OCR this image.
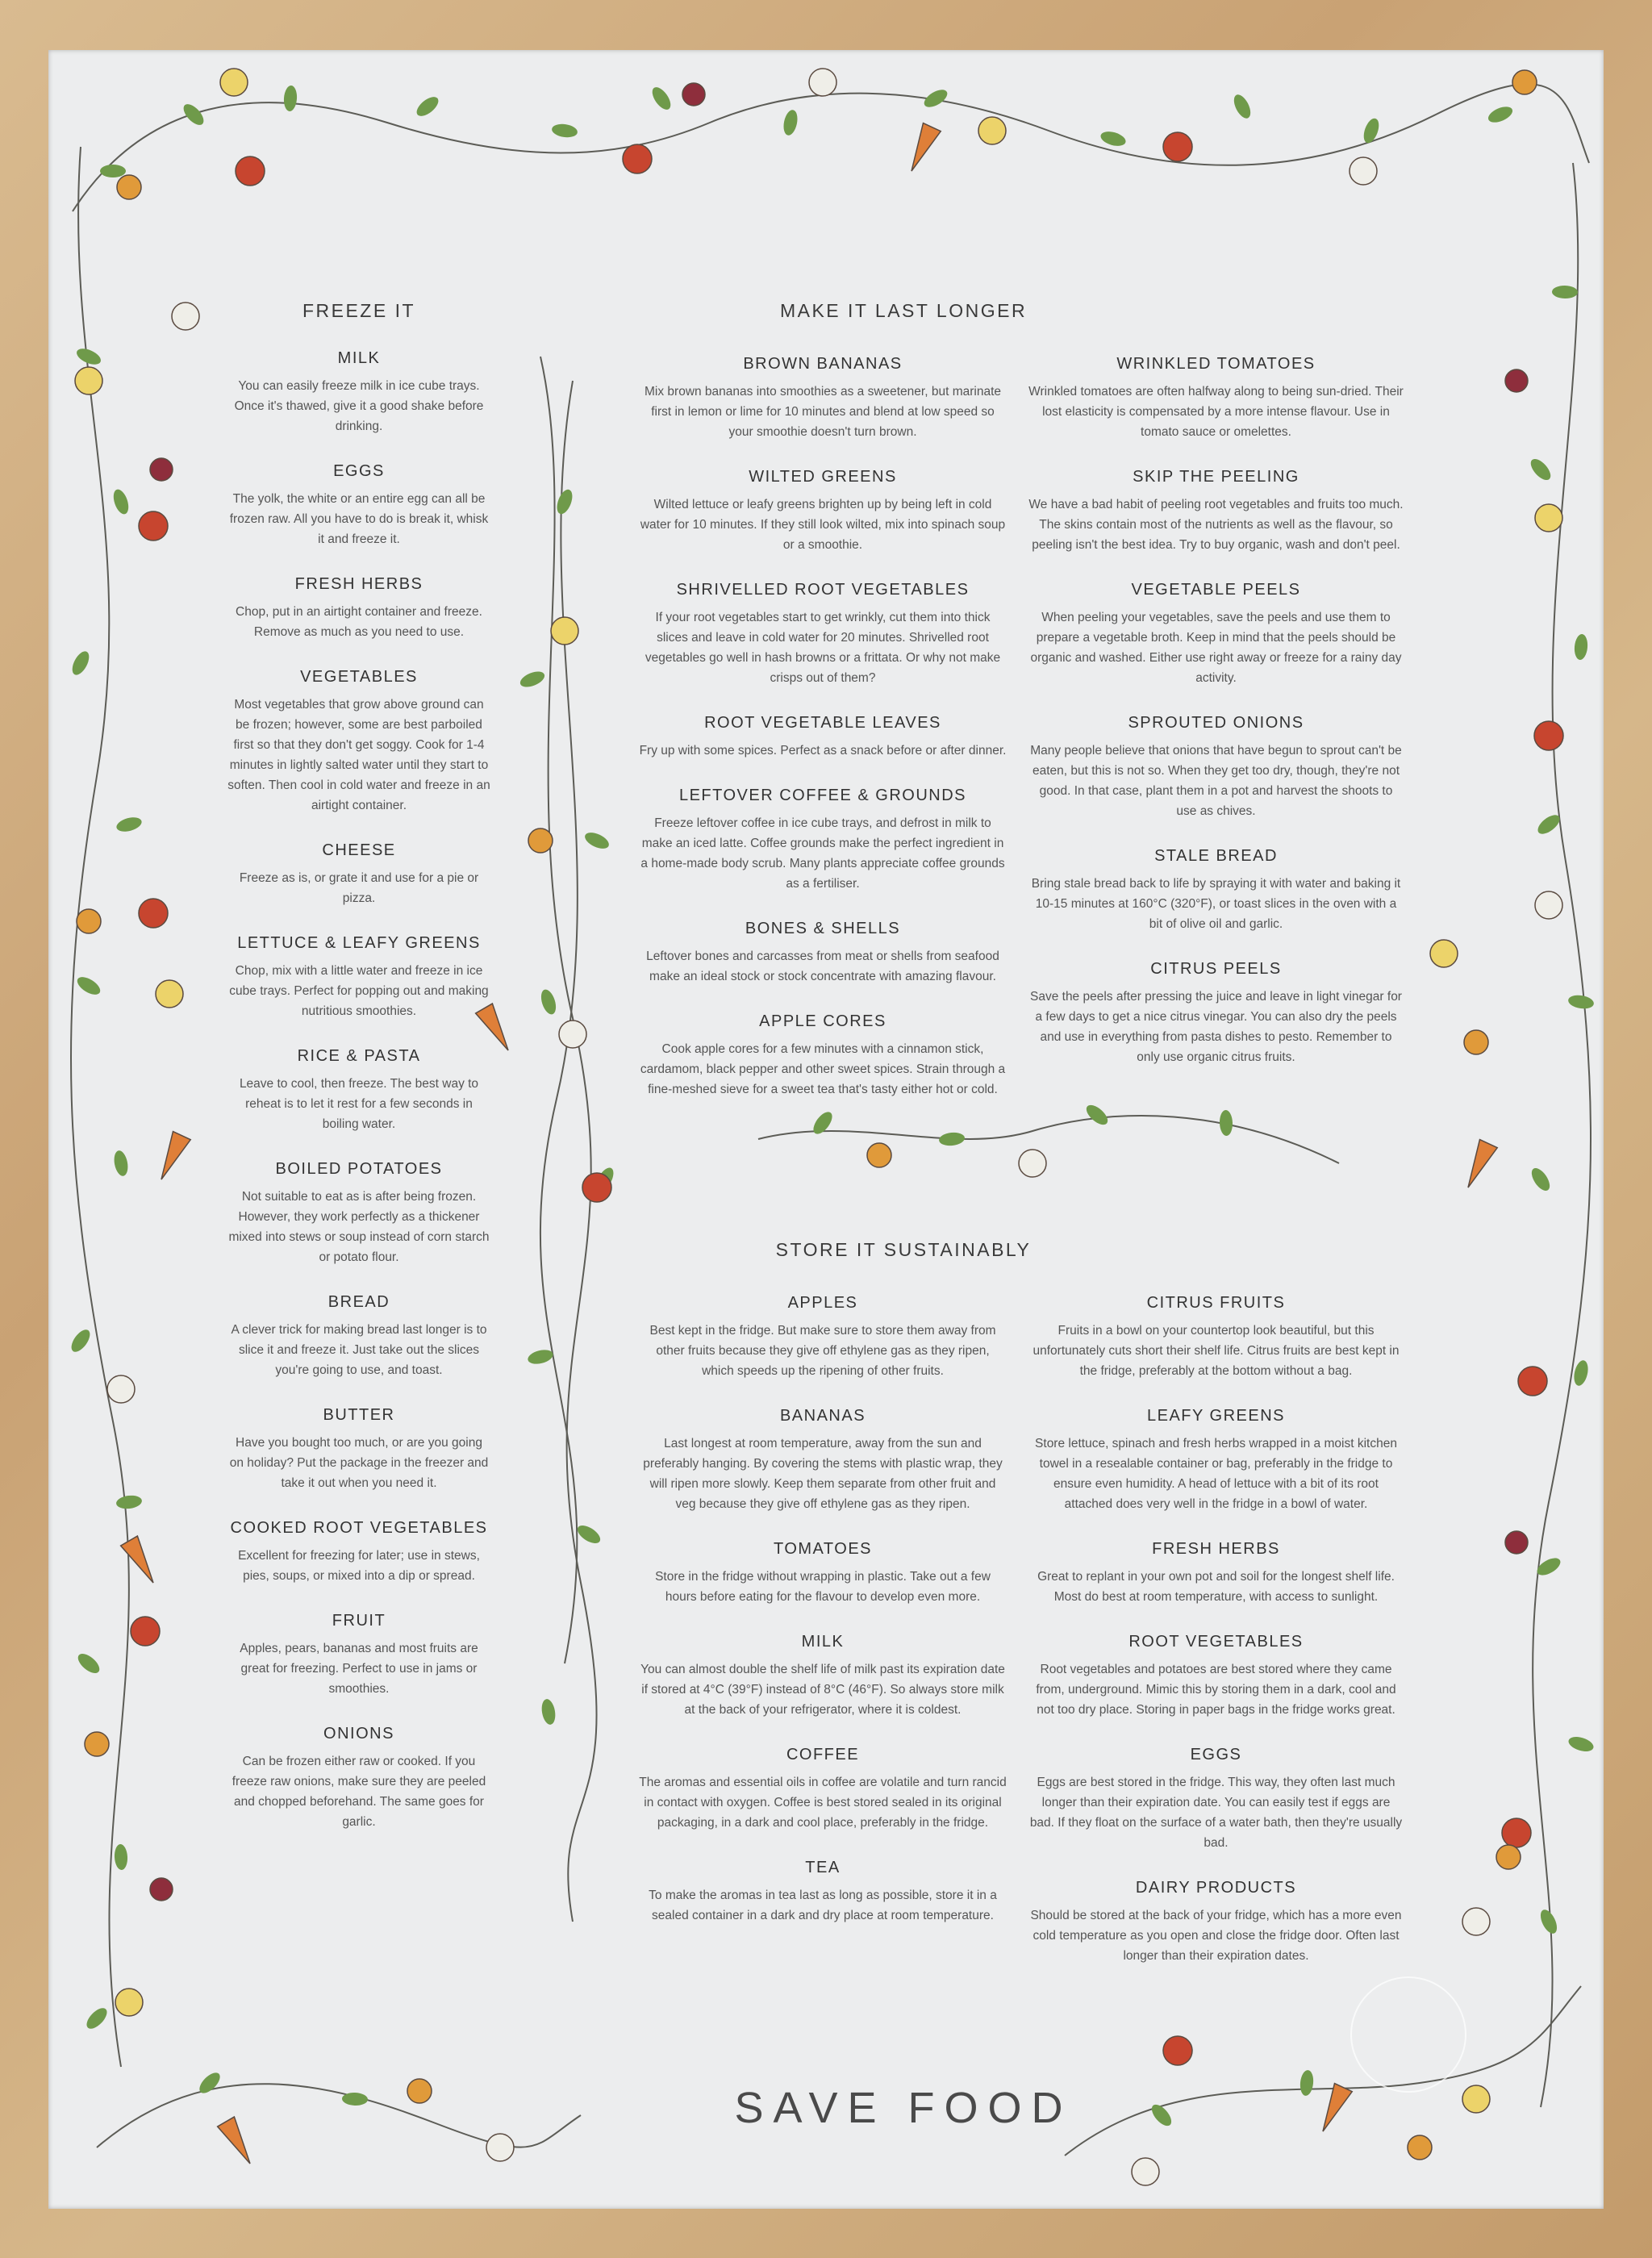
FREEZE IT
MILK

You can easily freeze milk in ice cube trays. Once it's thawed, give it a good shake before drinking.

EGGS

The yolk, the white or an entire egg can all be frozen raw. All you have to do is break it, whisk it and freeze it.

FRESH HERBS

Chop, put in an airtight container and freeze. Remove as much as you need to use.

VEGETABLES

Most vegetables that grow above ground can be frozen; however, some are best parboiled first so that they don't get soggy. Cook for 1-4 minutes in lightly salted water until they start to soften. Then cool in cold water and freeze in an airtight container.

CHEESE

Freeze as is, or grate it and use for a pie or pizza.

LETTUCE & LEAFY GREENS

Chop, mix with a little water and freeze in ice cube trays. Perfect for popping out and making nutritious smoothies.

RICE & PASTA

Leave to cool, then freeze. The best way to reheat is to let it rest for a few seconds in boiling water.

BOILED POTATOES

Not suitable to eat as is after being frozen. However, they work perfectly as a thickener mixed into stews or soup instead of corn starch or potato flour.

BREAD

A clever trick for making bread last longer is to slice it and freeze it. Just take out the slices you're going to use, and toast.

BUTTER

Have you bought too much, or are you going on holiday? Put the package in the freezer and take it out when you need it.

COOKED ROOT VEGETABLES

Excellent for freezing for later; use in stews, pies, soups, or mixed into a dip or spread.

FRUIT

Apples, pears, bananas and most fruits are great for freezing. Perfect to use in jams or smoothies.

ONIONS

Can be frozen either raw or cooked. If you freeze raw onions, make sure they are peeled and chopped beforehand. The same goes for garlic.

MAKE IT LAST LONGER
BROWN BANANAS

Mix brown bananas into smoothies as a sweetener, but marinate first in lemon or lime for 10 minutes and blend at low speed so your smoothie doesn't turn brown.

WILTED GREENS

Wilted lettuce or leafy greens brighten up by being left in cold water for 10 minutes. If they still look wilted, mix into spinach soup or a smoothie.

SHRIVELLED ROOT VEGETABLES

If your root vegetables start to get wrinkly, cut them into thick slices and leave in cold water for 20 minutes. Shrivelled root vegetables go well in hash browns or a frittata. Or why not make crisps out of them?

ROOT VEGETABLE LEAVES

Fry up with some spices. Perfect as a snack before or after dinner.

LEFTOVER COFFEE & GROUNDS

Freeze leftover coffee in ice cube trays, and defrost in milk to make an iced latte. Coffee grounds make the perfect ingredient in a home-made body scrub. Many plants appreciate coffee grounds as a fertiliser.

BONES & SHELLS

Leftover bones and carcasses from meat or shells from seafood make an ideal stock or stock concentrate with amazing flavour.

APPLE CORES

Cook apple cores for a few minutes with a cinnamon stick, cardamom, black pepper and other sweet spices. Strain through a fine-meshed sieve for a sweet tea that's tasty either hot or cold.

WRINKLED TOMATOES

Wrinkled tomatoes are often halfway along to being sun-dried. Their lost elasticity is compensated by a more intense flavour. Use in tomato sauce or omelettes.

SKIP THE PEELING

We have a bad habit of peeling root vegetables and fruits too much. The skins contain most of the nutrients as well as the flavour, so peeling isn't the best idea. Try to buy organic, wash and don't peel.

VEGETABLE PEELS

When peeling your vegetables, save the peels and use them to prepare a vegetable broth. Keep in mind that the peels should be organic and washed. Either use right away or freeze for a rainy day activity.

SPROUTED ONIONS

Many people believe that onions that have begun to sprout can't be eaten, but this is not so. When they get too dry, though, they're not good. In that case, plant them in a pot and harvest the shoots to use as chives.

STALE BREAD

Bring stale bread back to life by spraying it with water and baking it 10-15 minutes at 160°C (320°F), or toast slices in the oven with a bit of olive oil and garlic.

CITRUS PEELS

Save the peels after pressing the juice and leave in light vinegar for a few days to get a nice citrus vinegar. You can also dry the peels and use in everything from pasta dishes to pesto. Remember to only use organic citrus fruits.

STORE IT SUSTAINABLY
APPLES

Best kept in the fridge. But make sure to store them away from other fruits because they give off ethylene gas as they ripen, which speeds up the ripening of other fruits.

BANANAS

Last longest at room temperature, away from the sun and preferably hanging. By covering the stems with plastic wrap, they will ripen more slowly. Keep them separate from other fruit and veg because they give off ethylene gas as they ripen.

TOMATOES

Store in the fridge without wrapping in plastic. Take out a few hours before eating for the flavour to develop even more.

MILK

You can almost double the shelf life of milk past its expiration date if stored at 4°C (39°F) instead of 8°C (46°F). So always store milk at the back of your refrigerator, where it is coldest.

COFFEE

The aromas and essential oils in coffee are volatile and turn rancid in contact with oxygen. Coffee is best stored sealed in its original packaging, in a dark and cool place, preferably in the fridge.

TEA

To make the aromas in tea last as long as possible, store it in a sealed container in a dark and dry place at room temperature.

CITRUS FRUITS

Fruits in a bowl on your countertop look beautiful, but this unfortunately cuts short their shelf life. Citrus fruits are best kept in the fridge, preferably at the bottom without a bag.

LEAFY GREENS

Store lettuce, spinach and fresh herbs wrapped in a moist kitchen towel in a resealable container or bag, preferably in the fridge to ensure even humidity. A head of lettuce with a bit of its root attached does very well in the fridge in a bowl of water.

FRESH HERBS

Great to replant in your own pot and soil for the longest shelf life. Most do best at room temperature, with access to sunlight.

ROOT VEGETABLES

Root vegetables and potatoes are best stored where they came from, underground. Mimic this by storing them in a dark, cool and not too dry place. Storing in paper bags in the fridge works great.

EGGS

Eggs are best stored in the fridge. This way, they often last much longer than their expiration date. You can easily test if eggs are bad. If they float on the surface of a water bath, then they're usually bad.

DAIRY PRODUCTS

Should be stored at the back of your fridge, which has a more even cold temperature as you open and close the fridge door. Often last longer than their expiration dates.

SAVE FOOD
